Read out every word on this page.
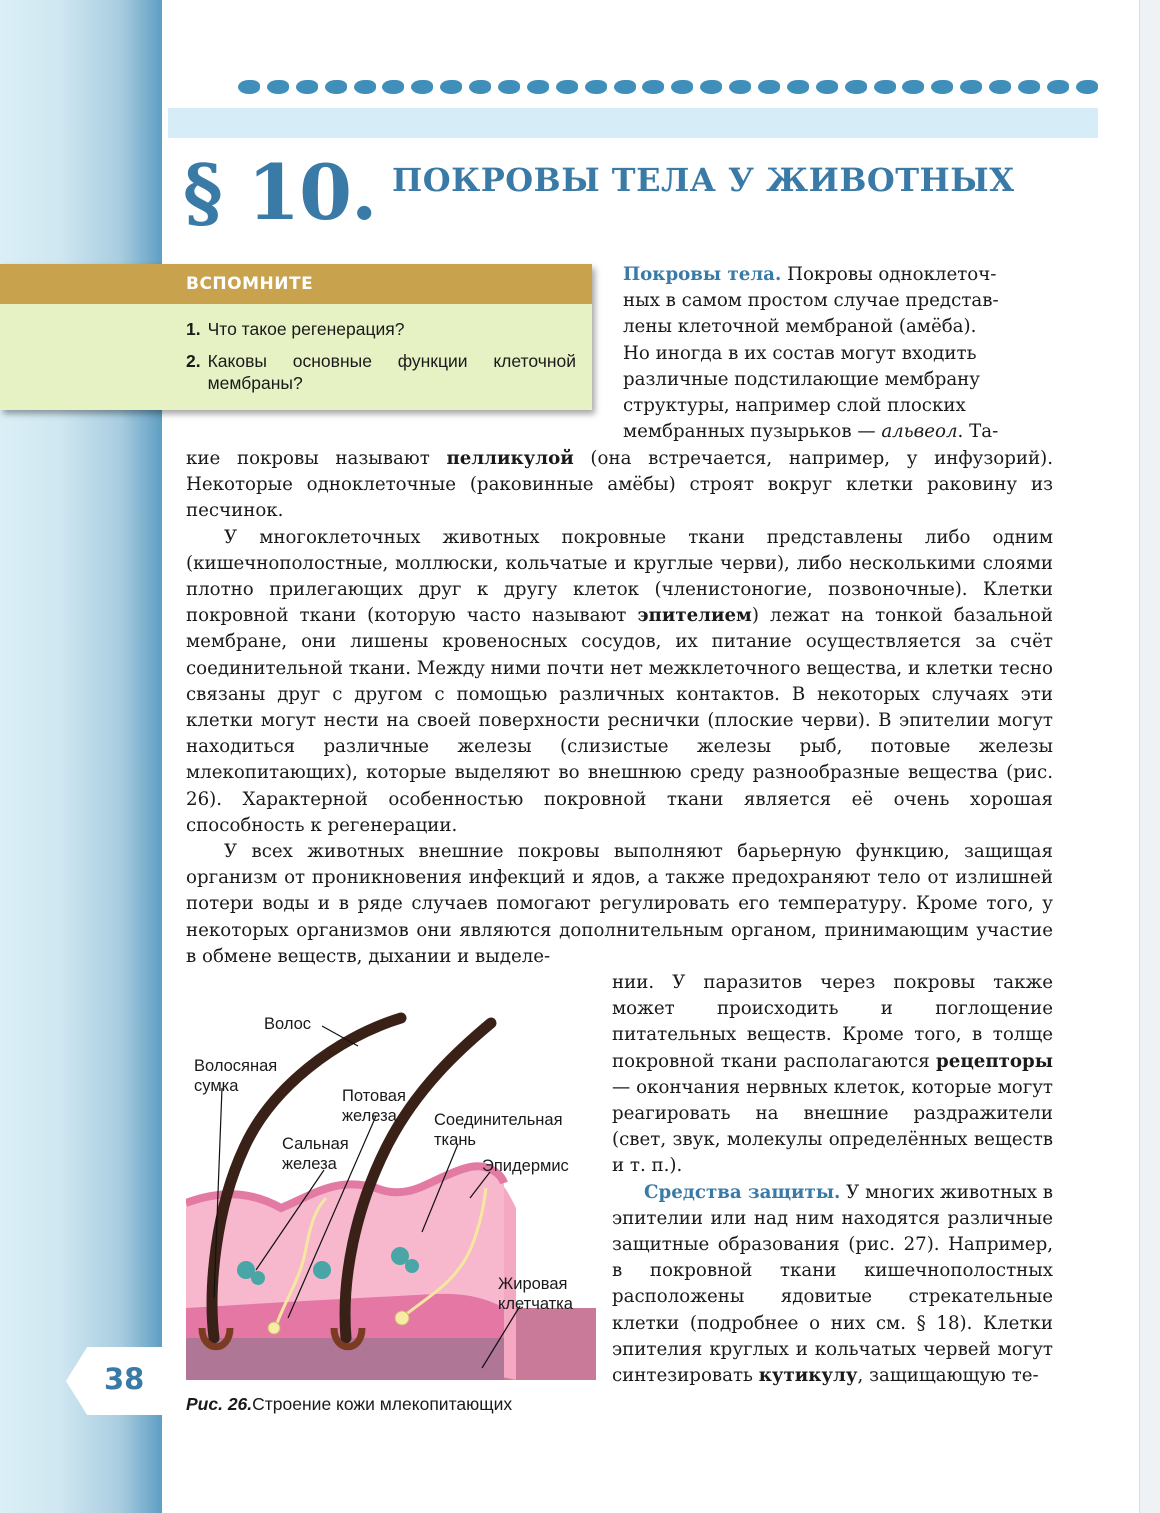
§ 10. ПОКРОВЫ ТЕЛА У ЖИВОТНЫХ
ВСПОМНИТЕ
1. Что такое регенерация?
2. Каковы основные функции клеточной мембраны?

Покровы тела. Покровы одноклеточ-
ных в самом простом случае представ-
лены клеточной мембраной (амёба).
Но иногда в их состав могут входить
различные подстилающие мембрану
структуры, например слой плоских
мембранных пузырьков — альвеол. Та-

кие покровы называют пелликулой (она встречается, например, у инфузорий). Некоторые одноклеточные (раковинные амёбы) строят вокруг клетки раковину из песчинок.

У многоклеточных животных покровные ткани представлены либо одним (кишечнополостные, моллюски, кольчатые и круглые черви), либо несколькими слоями плотно прилегающих друг к другу клеток (членистоногие, позвоночные). Клетки покровной ткани (которую часто называют эпителием) лежат на тонкой базальной мембране, они лишены кровеносных сосудов, их питание осуществляется за счёт соединительной ткани. Между ними почти нет межклеточного вещества, и клетки тесно связаны друг с другом с помощью различных контактов. В некоторых случаях эти клетки могут нести на своей поверхности реснички (плоские черви). В эпителии могут находиться различные железы (слизистые железы рыб, потовые железы млекопитающих), которые выделяют во внешнюю среду разнообразные вещества (рис. 26). Характерной особенностью покровной ткани является её очень хорошая способность к регенерации.

У всех животных внешние покровы выполняют барьерную функцию, защищая организм от проникновения инфекций и ядов, а также предохраняют тело от излишней потери воды и в ряде случаев помогают регулировать его температуру. Кроме того, у некоторых организмов они являются дополнительным органом, принимающим участие в обмене веществ, дыхании и выделе-

нии. У паразитов через покровы также может происходить и поглощение питательных веществ. Кроме того, в толще покровной ткани располагаются рецепторы — окончания нервных клеток, которые могут реагировать на внешние раздражители (свет, звук, молекулы определённых веществ и т. п.).

Средства защиты. У многих животных в эпителии или над ним находятся различные защитные образования (рис. 27). Например, в покровной ткани кишечнополостных расположены ядовитые стрекательные клетки (подробнее о них см. § 18). Клетки эпителия круглых и кольчатых червей могут синтезировать кутикулу, защищающую те-

Волос
Волосяная сумка
Потовая железа
Сальная железа
Соединительная ткань
Эпидермис
Жировая клетчатка
Рис. 26.Строение кожи млекопитающих
38
